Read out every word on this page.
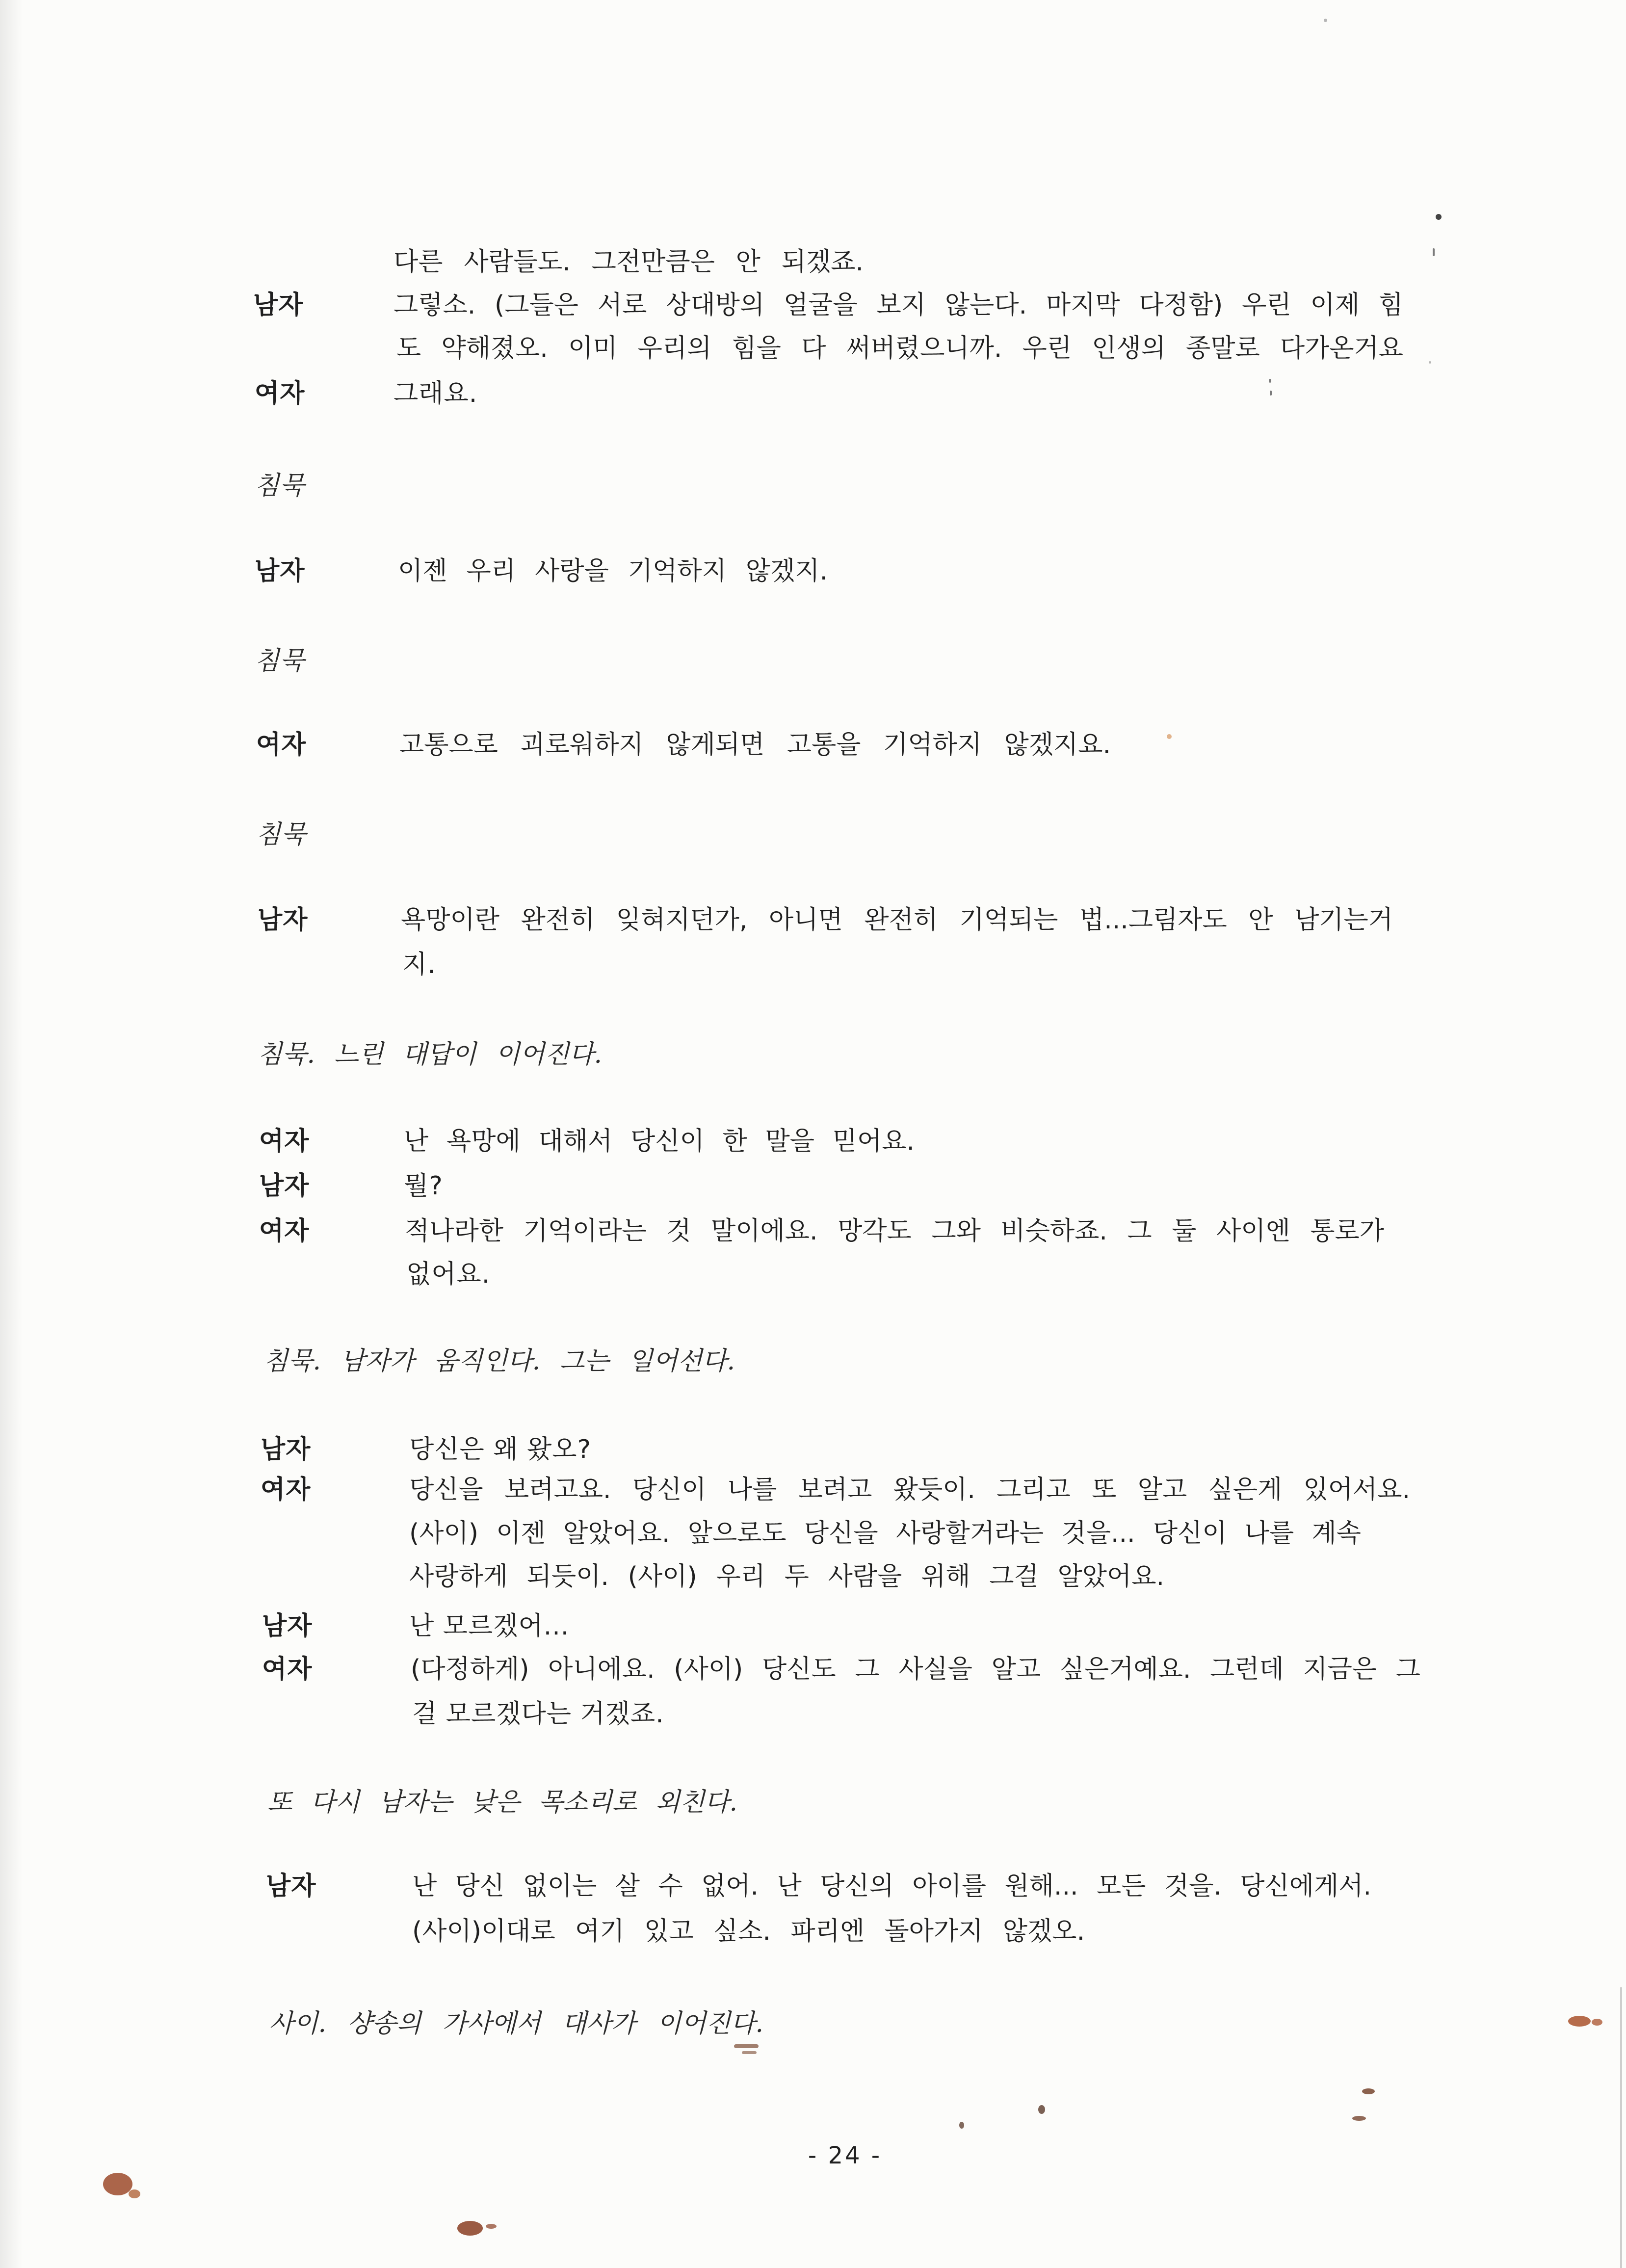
다른 사람들도. 그전만큼은 안 되겠죠.
남자	그렇소. (그들은 서로 상대방의 얼굴을 보지 않는다. 마지막 다정함) 우린 이제 힘
도 약해졌오. 이미 우리의 힘을 다 써버렸으니까. 우린 인생의 종말로 다가온거요
여자	그래요.
침묵
남자	이젠 우리 사랑을 기억하지 않겠지.
침묵
여자	고통으로 괴로워하지 않게되면 고통을 기억하지 않겠지요.
침묵
남자	욕망이란 완전히 잊혀지던가, 아니면 완전히 기억되는 법...그림자도 안 남기는거
지.
침묵. 느린 대답이 이어진다.
여자	난 욕망에 대해서 당신이 한 말을 믿어요.
남자	뭘?
여자	적나라한 기억이라는 것 말이에요. 망각도 그와 비슷하죠. 그 둘 사이엔 통로가
없어요.
침묵. 남자가 움직인다. 그는 일어선다.
남자	당신은 왜 왔오?
여자	당신을 보려고요. 당신이 나를 보려고 왔듯이. 그리고 또 알고 싶은게 있어서요.
(사이) 이젠 알았어요. 앞으로도 당신을 사랑할거라는 것을... 당신이 나를 계속
사랑하게 되듯이. (사이) 우리 두 사람을 위해 그걸 알았어요.
남자	난 모르겠어...
여자	(다정하게) 아니에요. (사이) 당신도 그 사실을 알고 싶은거예요. 그런데 지금은 그
걸 모르겠다는 거겠죠.
또 다시 남자는 낮은 목소리로 외친다.
남자	난 당신 없이는 살 수 없어. 난 당신의 아이를 원해... 모든 것을. 당신에게서.
(사이)이대로 여기 있고 싶소. 파리엔 돌아가지 않겠오.
사이. 샹송의 가사에서 대사가 이어진다.
- 24 -
